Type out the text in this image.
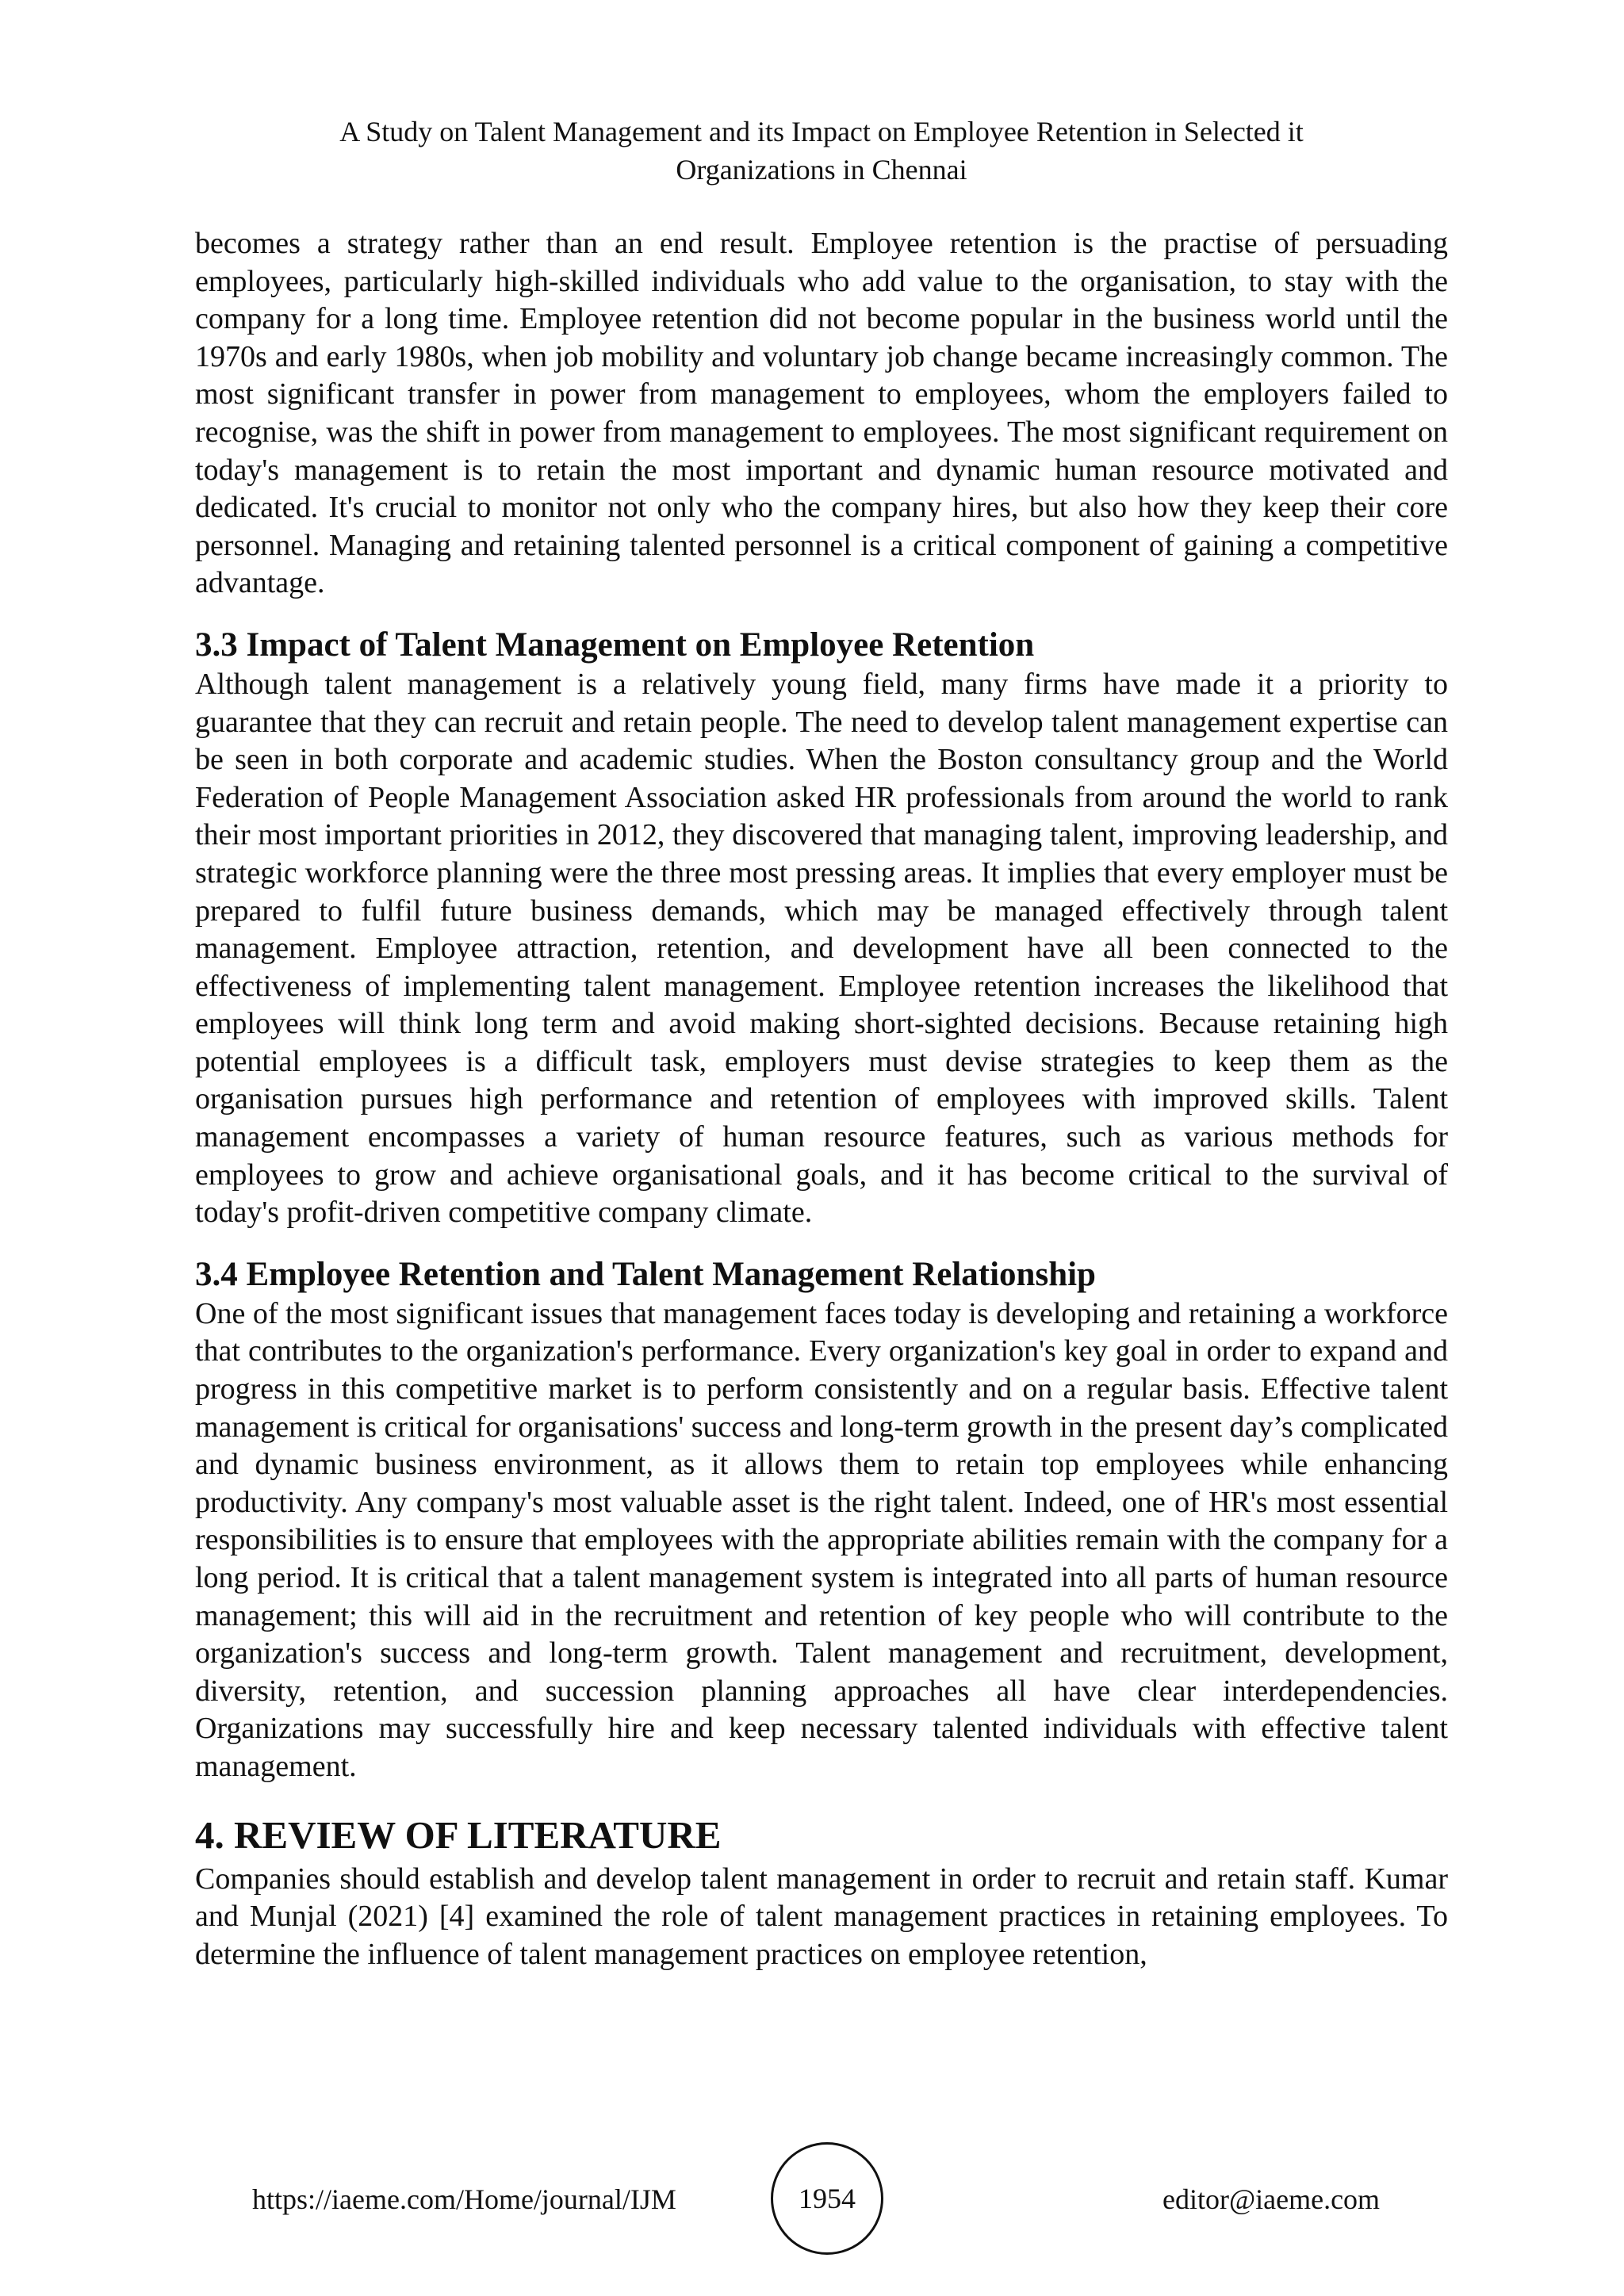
A Study on Talent Management and its Impact on Employee Retention in Selected it
Organizations in Chennai

becomes a strategy rather than an end result. Employee retention is the practise of persuading employees, particularly high-skilled individuals who add value to the organisation, to stay with the company for a long time. Employee retention did not become popular in the business world until the 1970s and early 1980s, when job mobility and voluntary job change became increasingly common. The most significant transfer in power from management to employees, whom the employers failed to recognise, was the shift in power from management to employees. The most significant requirement on today's management is to retain the most important and dynamic human resource motivated and dedicated. It's crucial to monitor not only who the company hires, but also how they keep their core personnel. Managing and retaining talented personnel is a critical component of gaining a competitive advantage.

3.3 Impact of Talent Management on Employee Retention

Although talent management is a relatively young field, many firms have made it a priority to guarantee that they can recruit and retain people. The need to develop talent management expertise can be seen in both corporate and academic studies. When the Boston consultancy group and the World Federation of People Management Association asked HR professionals from around the world to rank their most important priorities in 2012, they discovered that managing talent, improving leadership, and strategic workforce planning were the three most pressing areas. It implies that every employer must be prepared to fulfil future business demands, which may be managed effectively through talent management. Employee attraction, retention, and development have all been connected to the effectiveness of implementing talent management. Employee retention increases the likelihood that employees will think long term and avoid making short-sighted decisions. Because retaining high potential employees is a difficult task, employers must devise strategies to keep them as the organisation pursues high performance and retention of employees with improved skills. Talent management encompasses a variety of human resource features, such as various methods for employees to grow and achieve organisational goals, and it has become critical to the survival of today's profit-driven competitive company climate.

3.4 Employee Retention and Talent Management Relationship

One of the most significant issues that management faces today is developing and retaining a workforce that contributes to the organization's performance. Every organization's key goal in order to expand and progress in this competitive market is to perform consistently and on a regular basis. Effective talent management is critical for organisations' success and long-term growth in the present day’s complicated and dynamic business environment, as it allows them to retain top employees while enhancing productivity. Any company's most valuable asset is the right talent. Indeed, one of HR's most essential responsibilities is to ensure that employees with the appropriate abilities remain with the company for a long period. It is critical that a talent management system is integrated into all parts of human resource management; this will aid in the recruitment and retention of key people who will contribute to the organization's success and long-term growth. Talent management and recruitment, development, diversity, retention, and succession planning approaches all have clear interdependencies. Organizations may successfully hire and keep necessary talented individuals with effective talent management.

4. REVIEW OF LITERATURE

Companies should establish and develop talent management in order to recruit and retain staff. Kumar and Munjal (2021) [4] examined the role of talent management practices in retaining employees. To determine the influence of talent management practices on employee retention,

https://iaeme.com/Home/journal/IJM	1954	editor@iaeme.com
